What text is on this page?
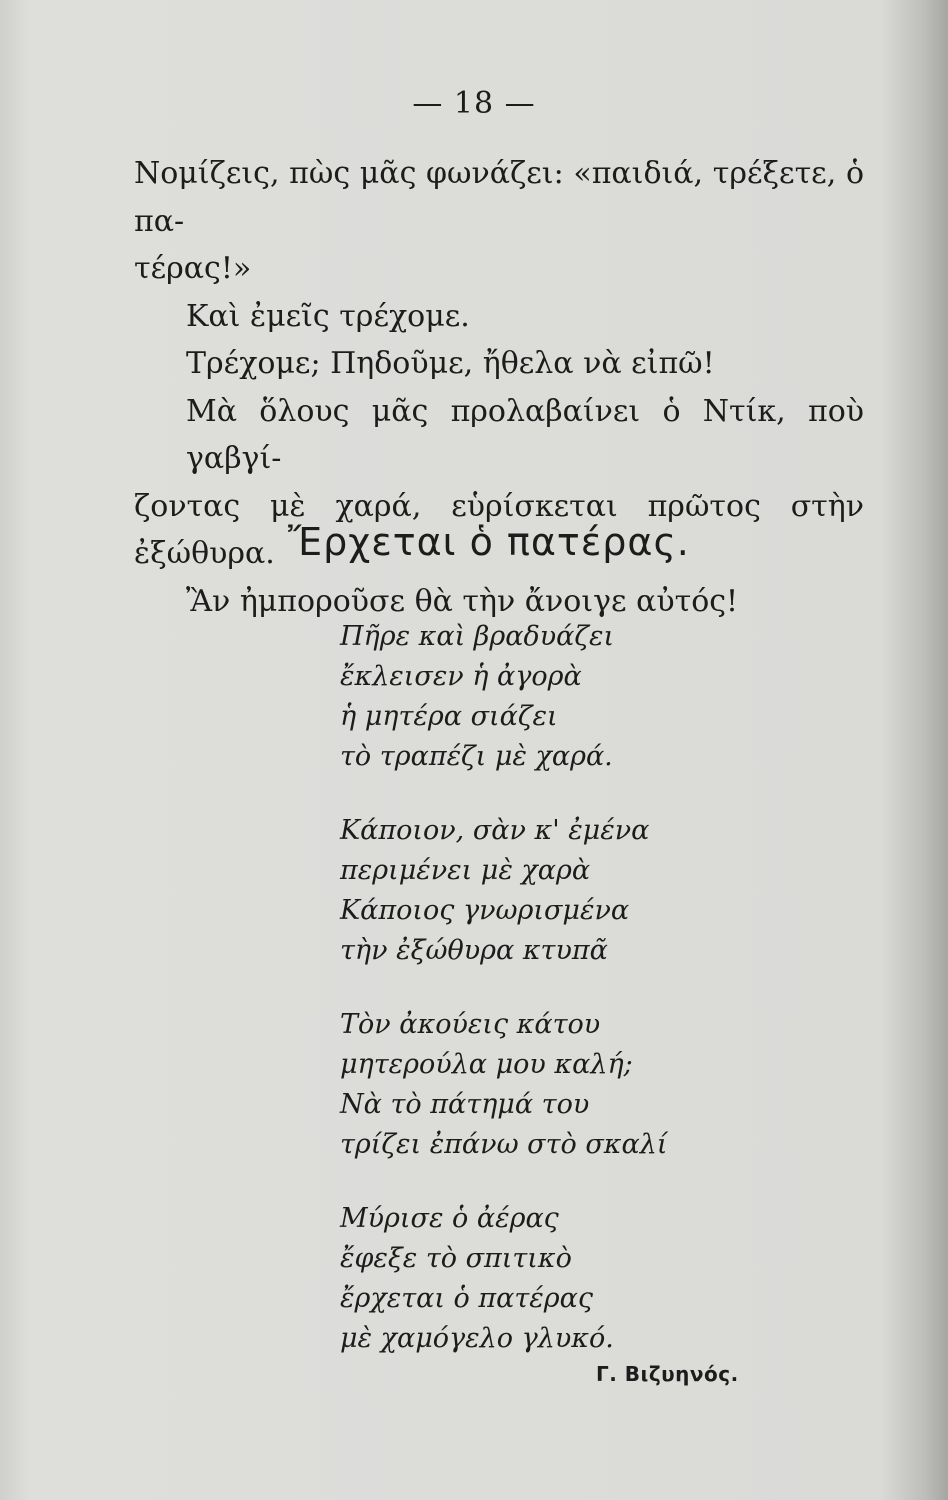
— 18 —

Νομίζεις, πὼς μᾶς φωνάζει: «παιδιά, τρέξετε, ὁ πα-

τέρας!»

Καὶ ἐμεῖς τρέχομε.

Τρέχομε; Πηδοῦμε, ἤθελα νὰ εἰπῶ!

Μὰ ὅλους μᾶς προλαβαίνει ὁ Ντίκ, ποὺ γαβγί-

ζοντας μὲ χαρά, εὑρίσκεται πρῶτος στὴν ἐξώθυρα.

Ἂν ἠμποροῦσε θὰ τὴν ἄνοιγε αὐτός!

Ἔρχεται ὁ πατέρας.
Πῆρε καὶ βραδυάζει
ἔκλεισεν ἡ ἀγορὰ
ἡ μητέρα σιάζει
τὸ τραπέζι μὲ χαρά.
Κάποιον, σὰν κ' ἐμένα
περιμένει μὲ χαρὰ
Κάποιος γνωρισμένα
τὴν ἐξώθυρα κτυπᾶ
Τὸν ἀκούεις κάτου
μητερούλα μου καλή;
Νὰ τὸ πάτημά του
τρίζει ἐπάνω στὸ σκαλί
Μύρισε ὁ ἀέρας
ἔφεξε τὸ σπιτικὸ
ἔρχεται ὁ πατέρας
μὲ χαμόγελο γλυκό.
Γ. Βιζυηνός.
